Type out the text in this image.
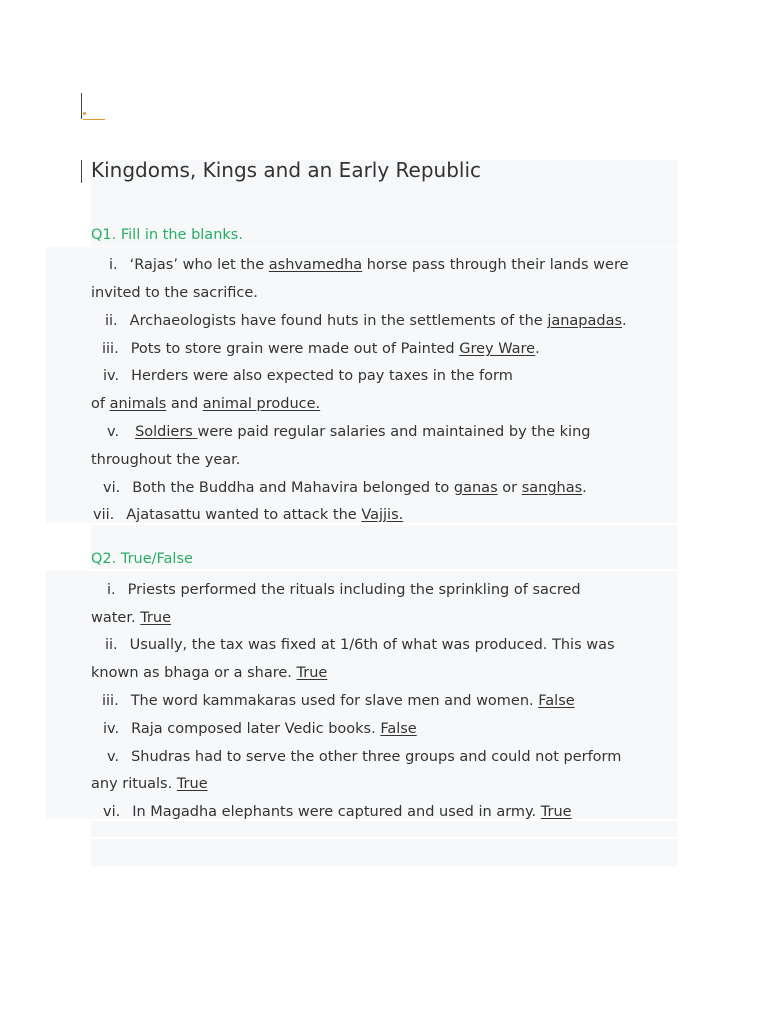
Kingdoms, Kings and an Early Republic
Q1. Fill in the blanks.
i. ‘Rajas’ who let the ashvamedha horse pass through their lands were
invited to the sacrifice.
ii. Archaeologists have found huts in the settlements of the janapadas.
iii. Pots to store grain were made out of Painted Grey Ware.
iv. Herders were also expected to pay taxes in the form
of animals and animal produce.
v. Soldiers were paid regular salaries and maintained by the king
throughout the year.
vi. Both the Buddha and Mahavira belonged to ganas or sanghas.
vii. Ajatasattu wanted to attack the Vajjis.
Q2. True/False
i. Priests performed the rituals including the sprinkling of sacred
water. True
ii. Usually, the tax was fixed at 1/6th of what was produced. This was
known as bhaga or a share. True
iii. The word kammakaras used for slave men and women. False
iv. Raja composed later Vedic books. False
v. Shudras had to serve the other three groups and could not perform
any rituals. True
vi. In Magadha elephants were captured and used in army. True
